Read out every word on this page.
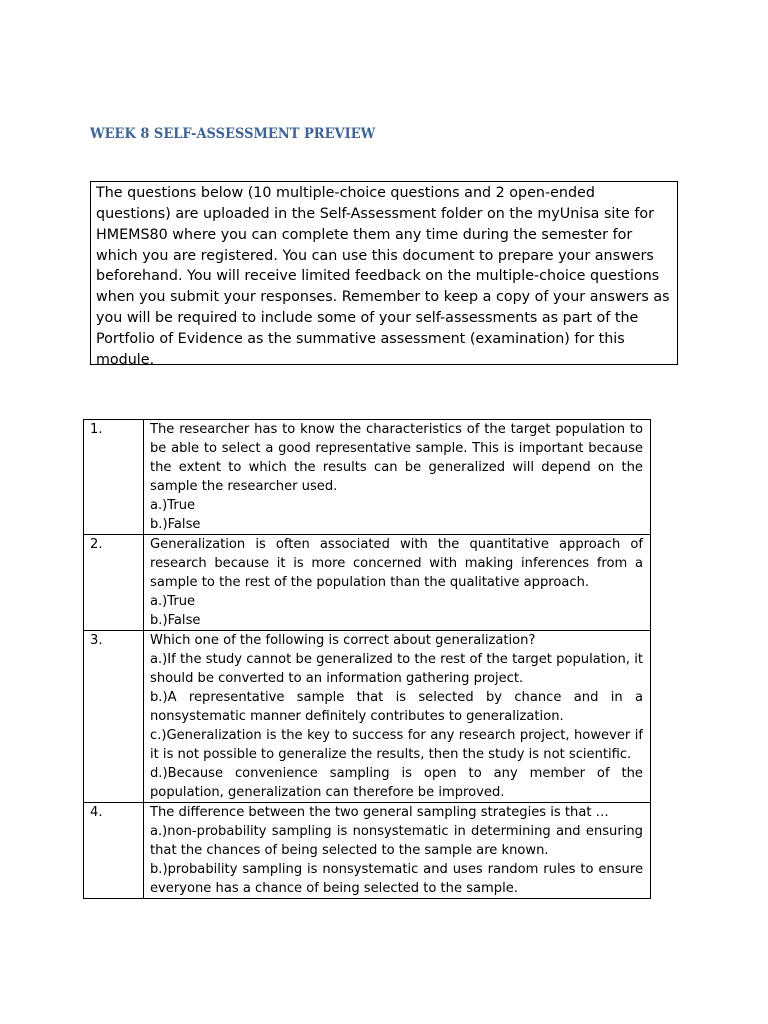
WEEK 8 SELF-ASSESSMENT PREVIEW

The questions below (10 multiple-choice questions and 2 open-ended questions) are uploaded in the Self-Assessment folder on the myUnisa site for HMEMS80 where you can complete them any time during the semester for which you are registered. You can use this document to prepare your answers beforehand. You will receive limited feedback on the multiple-choice questions when you submit your responses. Remember to keep a copy of your answers as you will be required to include some of your self-assessments as part of the Portfolio of Evidence as the summative assessment (examination) for this module.

1.	The researcher has to know the characteristics of the target population to be able to select a good representative sample. This is important because the extent to which the results can be generalized will depend on the sample the researcher used.
a.)True
b.)False

2.	Generalization is often associated with the quantitative approach of research because it is more concerned with making inferences from a sample to the rest of the population than the qualitative approach.
a.)True
b.)False

3.	Which one of the following is correct about generalization?
a.)If the study cannot be generalized to the rest of the target population, it should be converted to an information gathering project.
b.)A representative sample that is selected by chance and in a nonsystematic manner definitely contributes to generalization.
c.)Generalization is the key to success for any research project, however if it is not possible to generalize the results, then the study is not scientific.
d.)Because convenience sampling is open to any member of the population, generalization can therefore be improved.

4.	The difference between the two general sampling strategies is that …
a.)non-probability sampling is nonsystematic in determining and ensuring that the chances of being selected to the sample are known.
b.)probability sampling is nonsystematic and uses random rules to ensure everyone has a chance of being selected to the sample.
